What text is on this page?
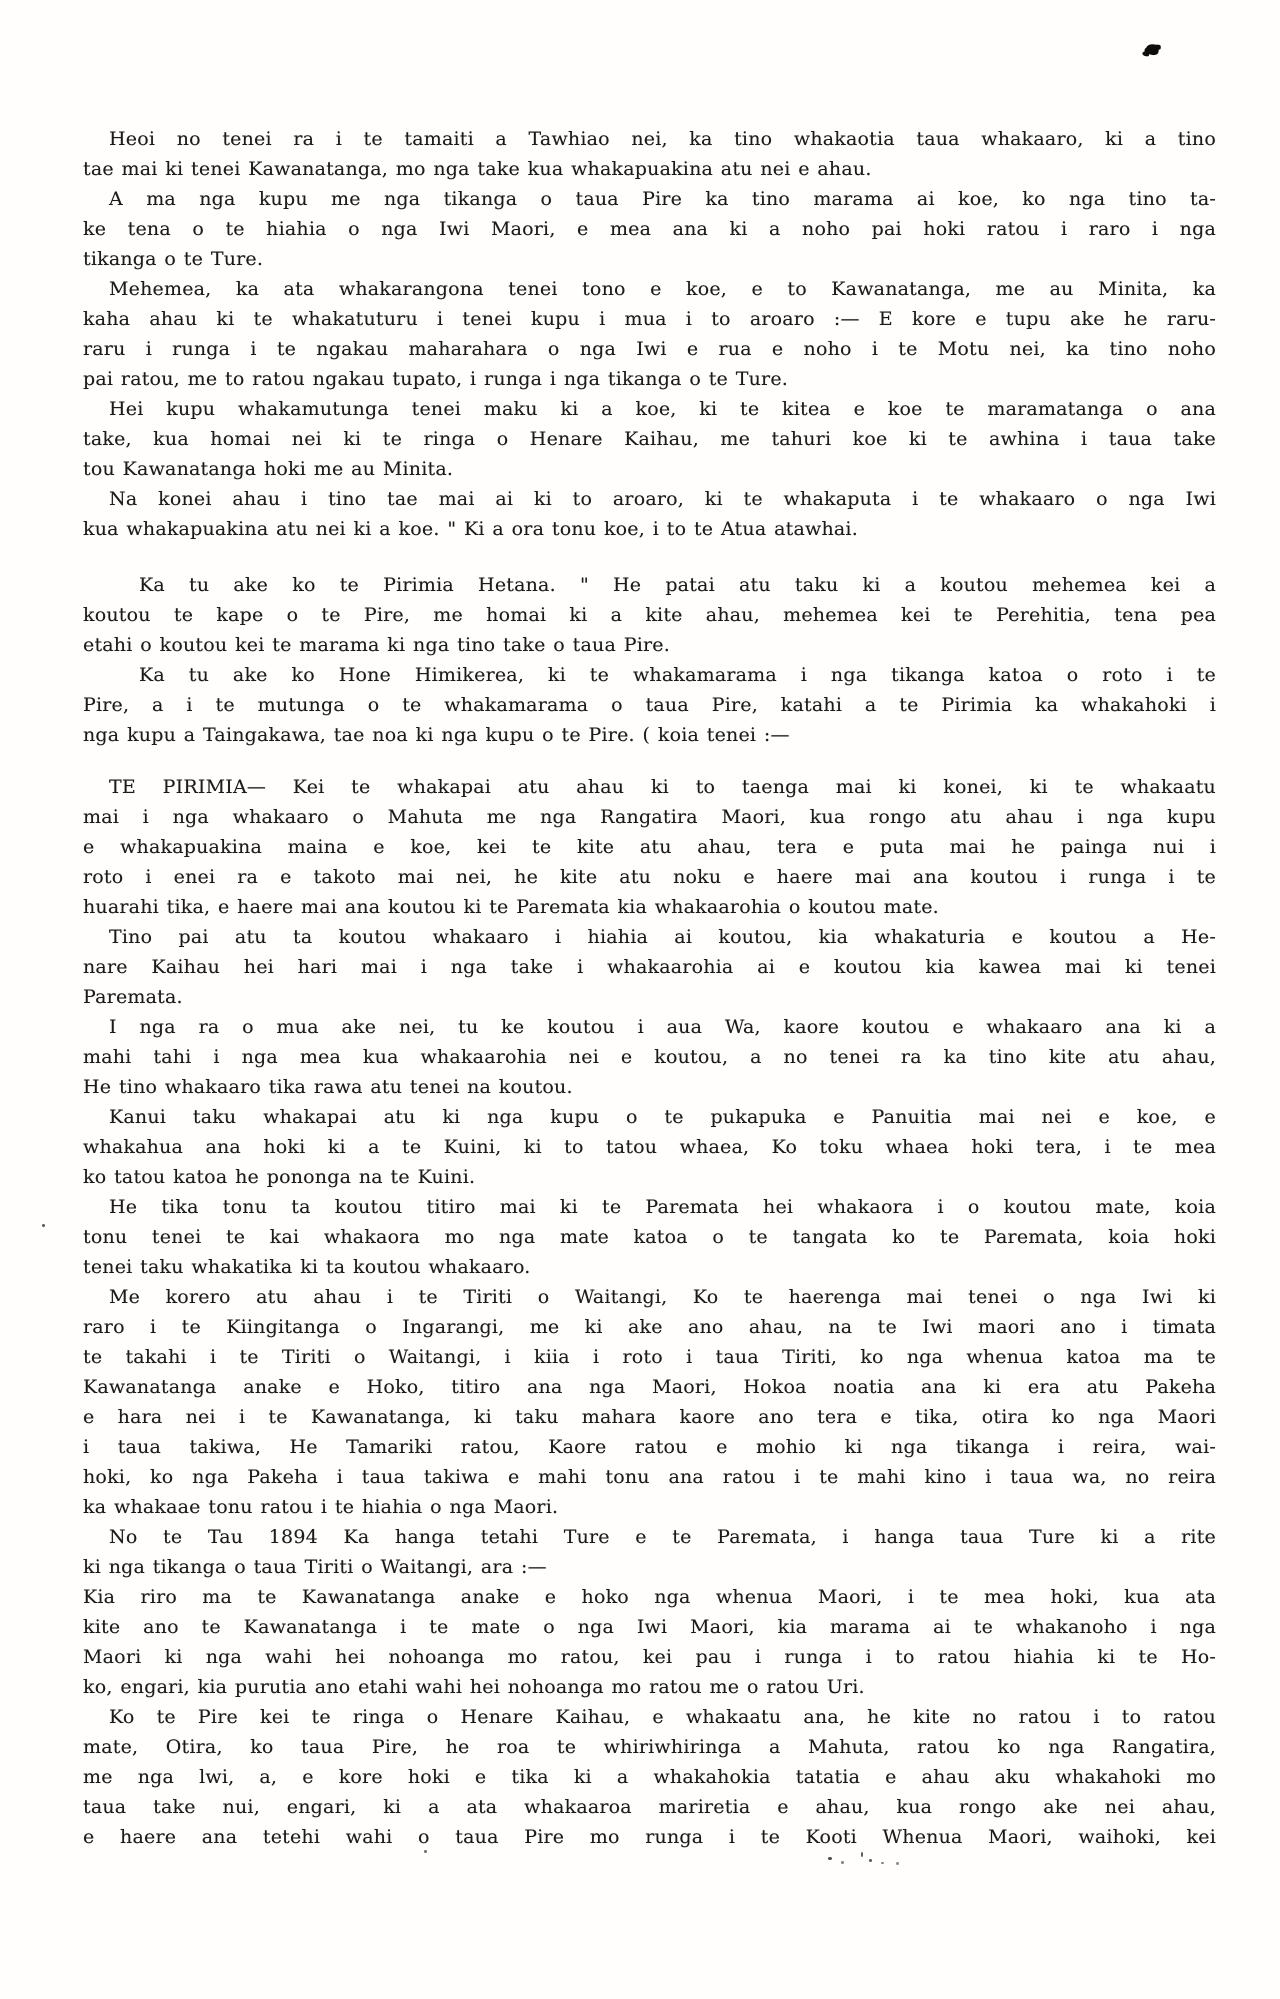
Heoi no tenei ra i te tamaiti a Tawhiao nei, ka tino whakaotia taua whakaaro, ki a tino
tae mai ki tenei Kawanatanga, mo nga take kua whakapuakina atu nei e ahau.
A ma nga kupu me nga tikanga o taua Pire ka tino marama ai koe, ko nga tino ta-
ke tena o te hiahia o nga Iwi Maori, e mea ana ki a noho pai hoki ratou i raro i nga
tikanga o te Ture.
Mehemea, ka ata whakarangona tenei tono e koe, e to Kawanatanga, me au Minita, ka
kaha ahau ki te whakatuturu i tenei kupu i mua i to aroaro :— E kore e tupu ake he raru-
raru i runga i te ngakau maharahara o nga Iwi e rua e noho i te Motu nei, ka tino noho
pai ratou, me to ratou ngakau tupato, i runga i nga tikanga o te Ture.
Hei kupu whakamutunga tenei maku ki a koe, ki te kitea e koe te maramatanga o ana
take, kua homai nei ki te ringa o Henare Kaihau, me tahuri koe ki te awhina i taua take
tou Kawanatanga hoki me au Minita.
Na konei ahau i tino tae mai ai ki to aroaro, ki te whakaputa i te whakaaro o nga Iwi
kua whakapuakina atu nei ki a koe. " Ki a ora tonu koe, i to te Atua atawhai.
Ka tu ake ko te Pirimia Hetana. " He patai atu taku ki a koutou mehemea kei a
koutou te kape o te Pire, me homai ki a kite ahau, mehemea kei te Perehitia, tena pea
etahi o koutou kei te marama ki nga tino take o taua Pire.
Ka tu ake ko Hone Himikerea, ki te whakamarama i nga tikanga katoa o roto i te
Pire, a i te mutunga o te whakamarama o taua Pire, katahi a te Pirimia ka whakahoki i
nga kupu a Taingakawa, tae noa ki nga kupu o te Pire. ( koia tenei :—
TE PIRIMIA— Kei te whakapai atu ahau ki to taenga mai ki konei, ki te whakaatu
mai i nga whakaaro o Mahuta me nga Rangatira Maori, kua rongo atu ahau i nga kupu
e whakapuakina maina e koe, kei te kite atu ahau, tera e puta mai he painga nui i
roto i enei ra e takoto mai nei, he kite atu noku e haere mai ana koutou i runga i te
huarahi tika, e haere mai ana koutou ki te Paremata kia whakaarohia o koutou mate.
Tino pai atu ta koutou whakaaro i hiahia ai koutou, kia whakaturia e koutou a He-
nare Kaihau hei hari mai i nga take i whakaarohia ai e koutou kia kawea mai ki tenei
Paremata.
I nga ra o mua ake nei, tu ke koutou i aua Wa, kaore koutou e whakaaro ana ki a
mahi tahi i nga mea kua whakaarohia nei e koutou, a no tenei ra ka tino kite atu ahau,
He tino whakaaro tika rawa atu tenei na koutou.
Kanui taku whakapai atu ki nga kupu o te pukapuka e Panuitia mai nei e koe, e
whakahua ana hoki ki a te Kuini, ki to tatou whaea, Ko toku whaea hoki tera, i te mea
ko tatou katoa he pononga na te Kuini.
He tika tonu ta koutou titiro mai ki te Paremata hei whakaora i o koutou mate, koia
tonu tenei te kai whakaora mo nga mate katoa o te tangata ko te Paremata, koia hoki
tenei taku whakatika ki ta koutou whakaaro.
Me korero atu ahau i te Tiriti o Waitangi, Ko te haerenga mai tenei o nga Iwi ki
raro i te Kiingitanga o Ingarangi, me ki ake ano ahau, na te Iwi maori ano i timata
te takahi i te Tiriti o Waitangi, i kiia i roto i taua Tiriti, ko nga whenua katoa ma te
Kawanatanga anake e Hoko, titiro ana nga Maori, Hokoa noatia ana ki era atu Pakeha
e hara nei i te Kawanatanga, ki taku mahara kaore ano tera e tika, otira ko nga Maori
i taua takiwa, He Tamariki ratou, Kaore ratou e mohio ki nga tikanga i reira, wai-
hoki, ko nga Pakeha i taua takiwa e mahi tonu ana ratou i te mahi kino i taua wa, no reira
ka whakaae tonu ratou i te hiahia o nga Maori.
No te Tau 1894 Ka hanga tetahi Ture e te Paremata, i hanga taua Ture ki a rite
ki nga tikanga o taua Tiriti o Waitangi, ara :—
Kia riro ma te Kawanatanga anake e hoko nga whenua Maori, i te mea hoki, kua ata
kite ano te Kawanatanga i te mate o nga Iwi Maori, kia marama ai te whakanoho i nga
Maori ki nga wahi hei nohoanga mo ratou, kei pau i runga i to ratou hiahia ki te Ho-
ko, engari, kia purutia ano etahi wahi hei nohoanga mo ratou me o ratou Uri.
Ko te Pire kei te ringa o Henare Kaihau, e whakaatu ana, he kite no ratou i to ratou
mate, Otira, ko taua Pire, he roa te whiriwhiringa a Mahuta, ratou ko nga Rangatira,
me nga lwi, a, e kore hoki e tika ki a whakahokia tatatia e ahau aku whakahoki mo
taua take nui, engari, ki a ata whakaaroa mariretia e ahau, kua rongo ake nei ahau,
e haere ana tetehi wahi o taua Pire mo runga i te Kooti Whenua Maori, waihoki, kei
